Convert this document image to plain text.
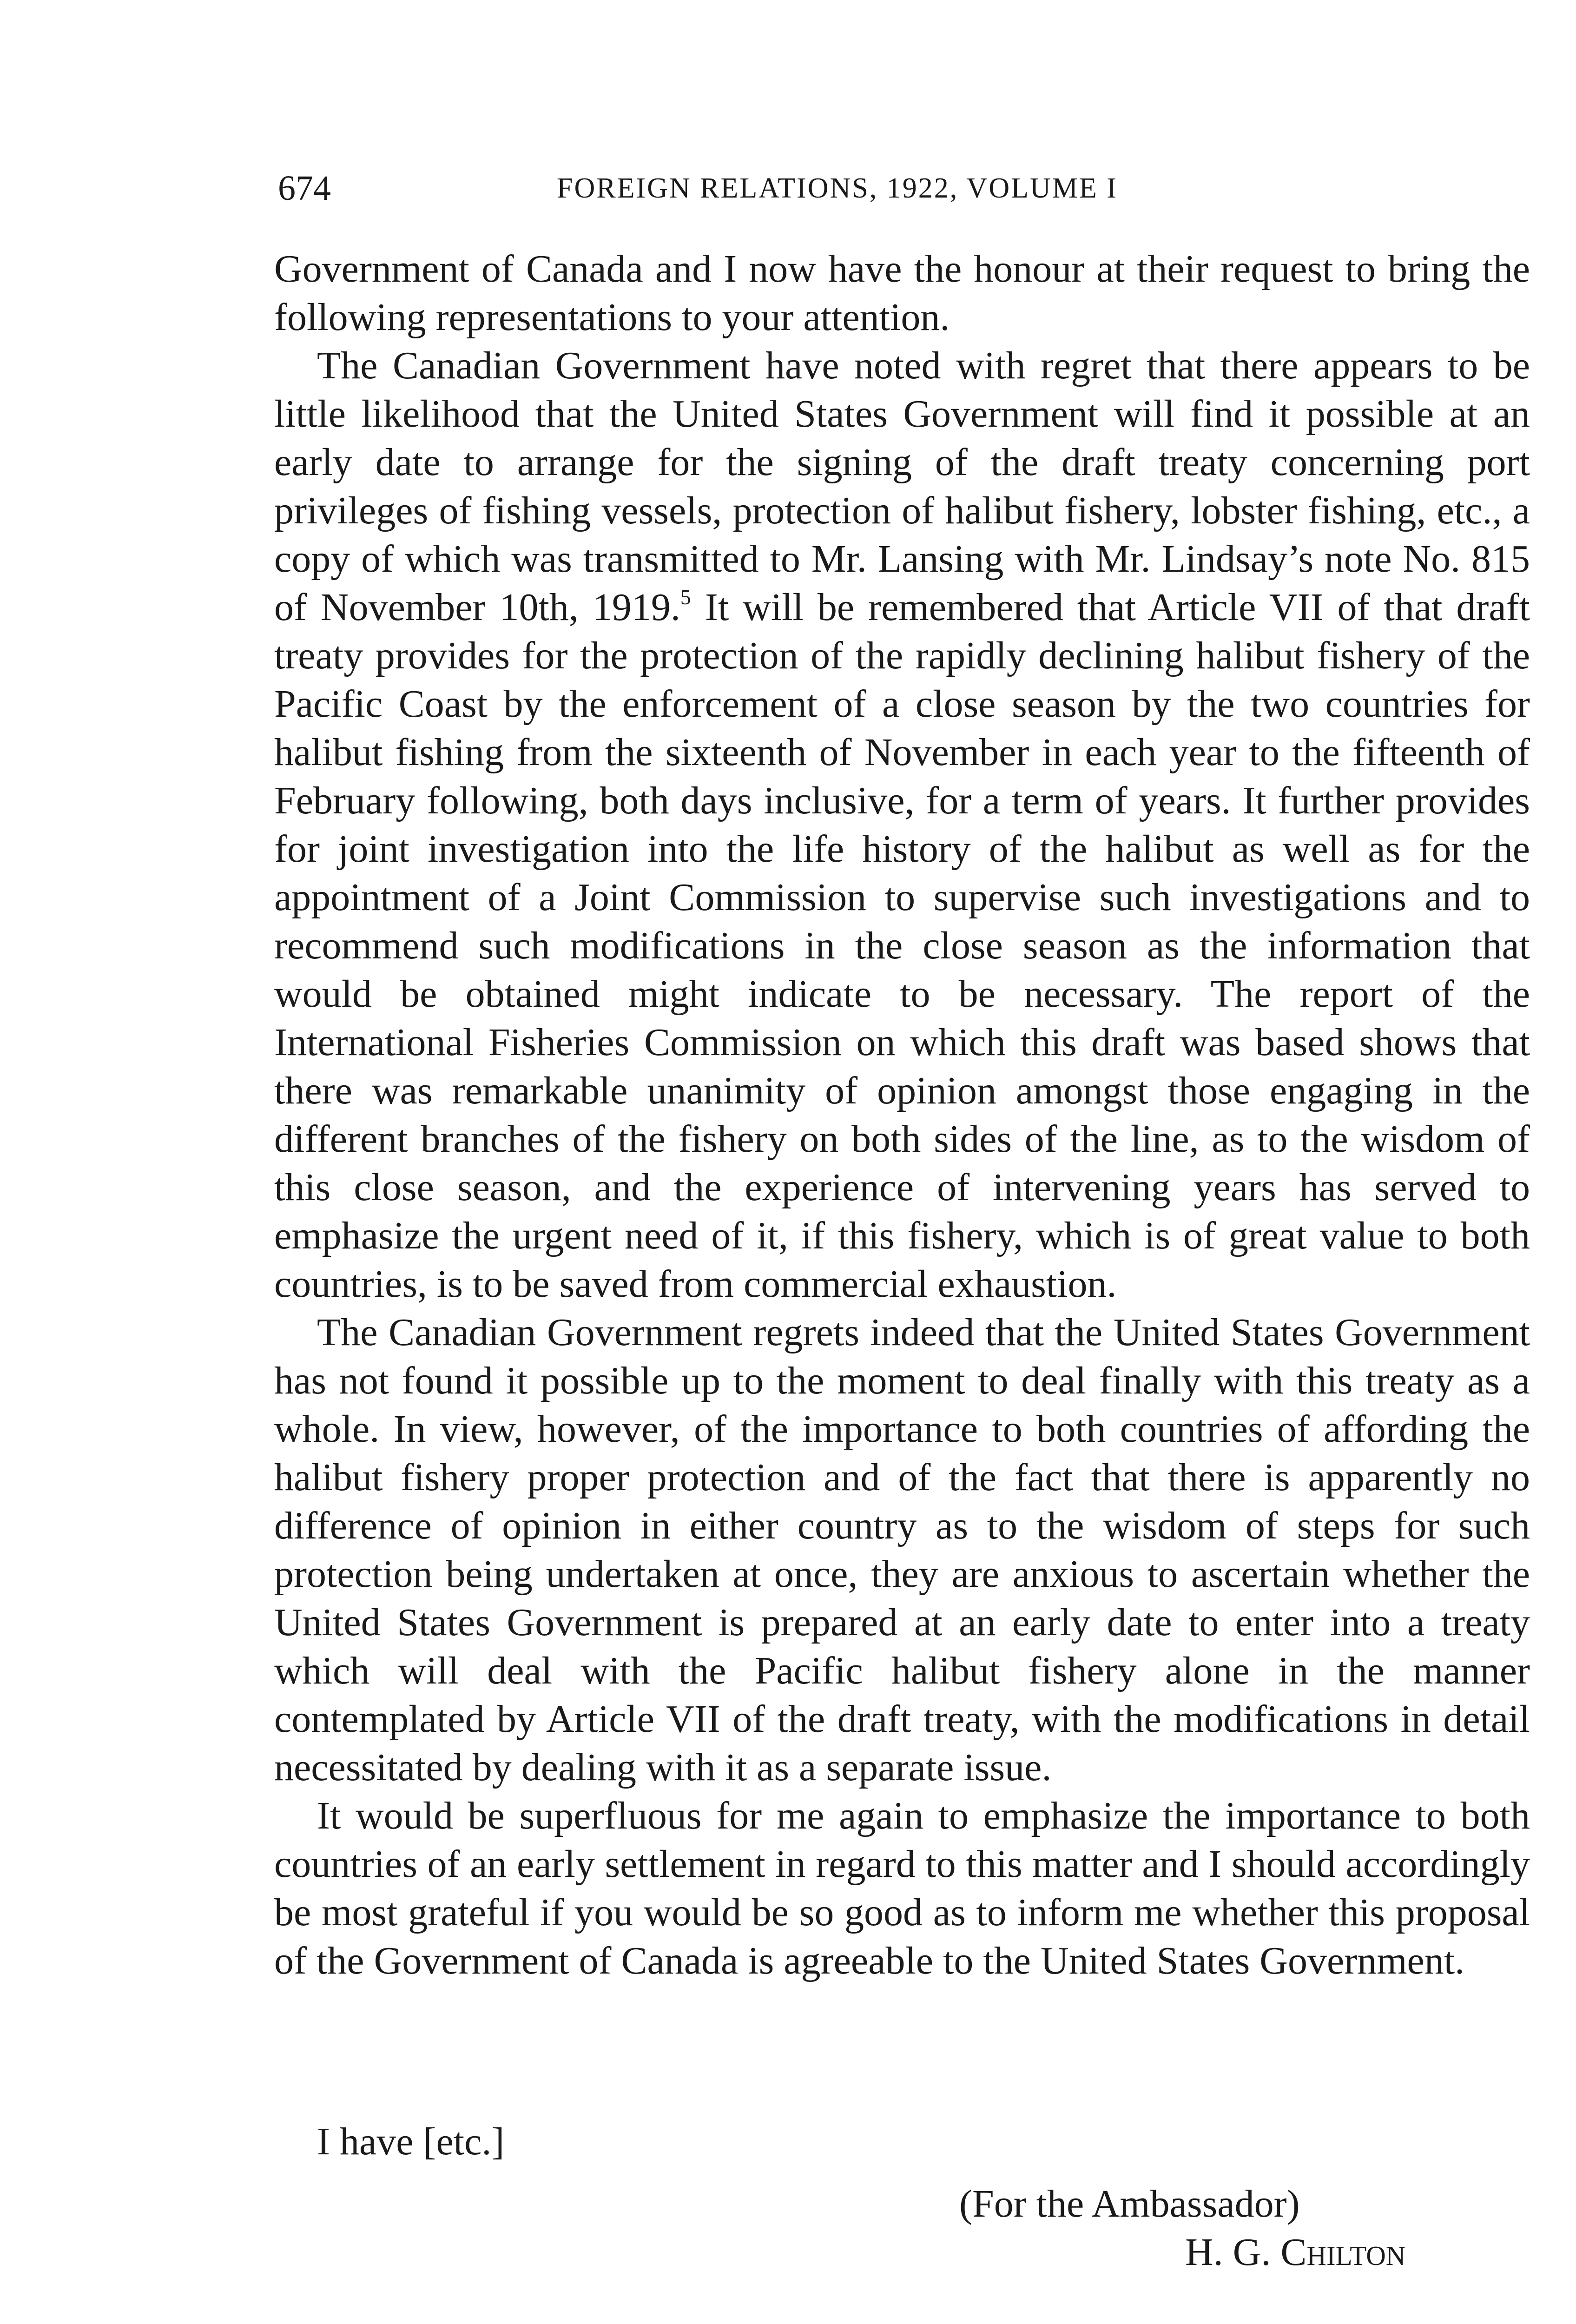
674	FOREIGN RELATIONS, 1922, VOLUME I

Government of Canada and I now have the honour at their request to bring the following representations to your attention.

The Canadian Government have noted with regret that there appears to be little likelihood that the United States Government will find it possible at an early date to arrange for the signing of the draft treaty concerning port privileges of fishing vessels, protection of halibut fishery, lobster fishing, etc., a copy of which was transmitted to Mr. Lansing with Mr. Lindsay’s note No. 815 of November 10th, 1919.$^5$ It will be remembered that Article VII of that draft treaty provides for the protection of the rapidly declining halibut fishery of the Pacific Coast by the enforcement of a close season by the two countries for halibut fishing from the sixteenth of November in each year to the fifteenth of February following, both days inclusive, for a term of years. It further provides for joint investigation into the life history of the halibut as well as for the appointment of a Joint Commission to supervise such investigations and to recommend such modifications in the close season as the information that would be obtained might indicate to be necessary. The report of the International Fisheries Commission on which this draft was based shows that there was remarkable unanimity of opinion amongst those engaging in the different branches of the fishery on both sides of the line, as to the wisdom of this close season, and the experience of intervening years has served to emphasize the urgent need of it, if this fishery, which is of great value to both countries, is to be saved from commercial exhaustion.

The Canadian Government regrets indeed that the United States Government has not found it possible up to the moment to deal finally with this treaty as a whole. In view, however, of the importance to both countries of affording the halibut fishery proper protection and of the fact that there is apparently no difference of opinion in either country as to the wisdom of steps for such protection being undertaken at once, they are anxious to ascertain whether the United States Government is prepared at an early date to enter into a treaty which will deal with the Pacific halibut fishery alone in the manner contemplated by Article VII of the draft treaty, with the modifications in detail necessitated by dealing with it as a separate issue.

It would be superfluous for me again to emphasize the importance to both countries of an early settlement in regard to this matter and I should accordingly be most grateful if you would be so good as to inform me whether this proposal of the Government of Canada is agreeable to the United States Government.

I have [etc.]
(For the Ambassador)
H. G. Chilton
